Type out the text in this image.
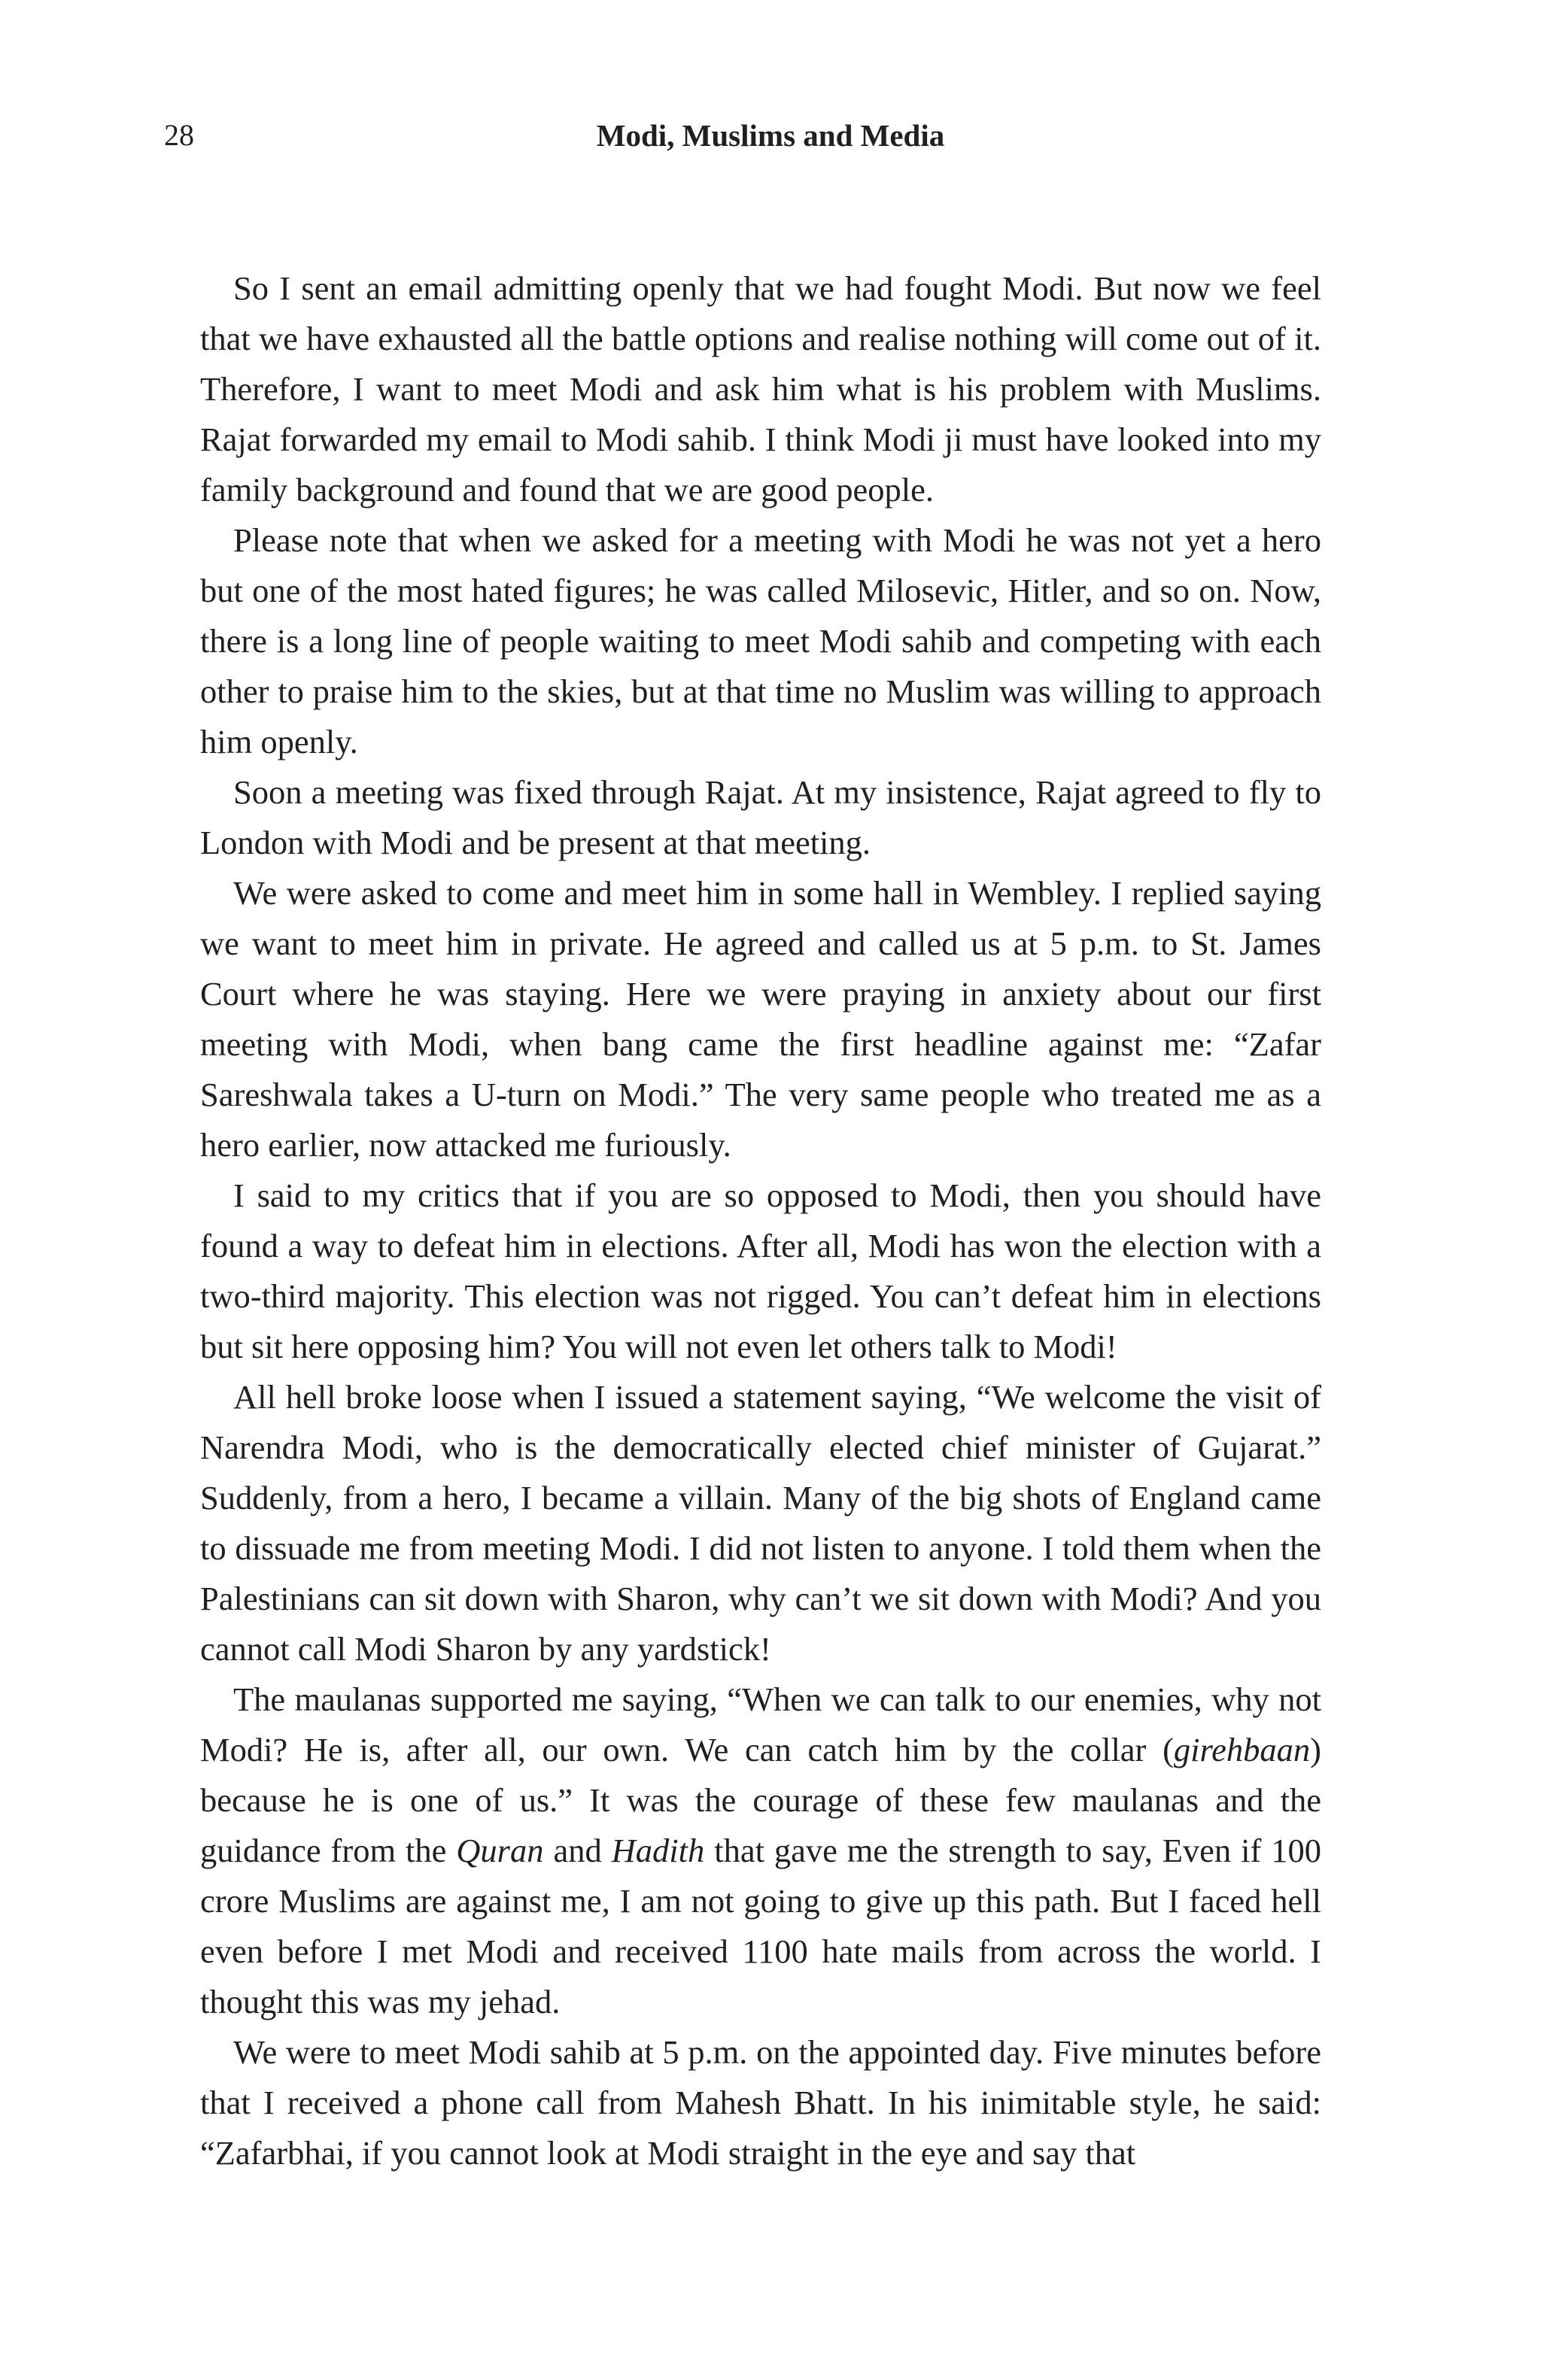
28	Modi, Muslims and Media

So I sent an email admitting openly that we had fought Modi. But now we feel that we have exhausted all the battle options and realise nothing will come out of it. Therefore, I want to meet Modi and ask him what is his problem with Muslims. Rajat forwarded my email to Modi sahib. I think Modi ji must have looked into my family background and found that we are good people.

Please note that when we asked for a meeting with Modi he was not yet a hero but one of the most hated figures; he was called Milosevic, Hitler, and so on. Now, there is a long line of people waiting to meet Modi sahib and competing with each other to praise him to the skies, but at that time no Muslim was willing to approach him openly.

Soon a meeting was fixed through Rajat. At my insistence, Rajat agreed to fly to London with Modi and be present at that meeting.

We were asked to come and meet him in some hall in Wembley. I replied saying we want to meet him in private. He agreed and called us at 5 p.m. to St. James Court where he was staying. Here we were praying in anxiety about our first meeting with Modi, when bang came the first headline against me: “Zafar Sareshwala takes a U-turn on Modi.” The very same people who treated me as a hero earlier, now attacked me furiously.

I said to my critics that if you are so opposed to Modi, then you should have found a way to defeat him in elections. After all, Modi has won the election with a two-third majority. This election was not rigged. You can’t defeat him in elections but sit here opposing him? You will not even let others talk to Modi!

All hell broke loose when I issued a statement saying, “We welcome the visit of Narendra Modi, who is the democratically elected chief minister of Gujarat.” Suddenly, from a hero, I became a villain. Many of the big shots of England came to dissuade me from meeting Modi. I did not listen to anyone. I told them when the Palestinians can sit down with Sharon, why can’t we sit down with Modi? And you cannot call Modi Sharon by any yardstick!

The maulanas supported me saying, “When we can talk to our enemies, why not Modi? He is, after all, our own. We can catch him by the collar (girehbaan) because he is one of us.” It was the courage of these few maulanas and the guidance from the Quran and Hadith that gave me the strength to say, Even if 100 crore Muslims are against me, I am not going to give up this path. But I faced hell even before I met Modi and received 1100 hate mails from across the world. I thought this was my jehad.

We were to meet Modi sahib at 5 p.m. on the appointed day. Five minutes before that I received a phone call from Mahesh Bhatt. In his inimitable style, he said: “Zafarbhai, if you cannot look at Modi straight in the eye and say that
